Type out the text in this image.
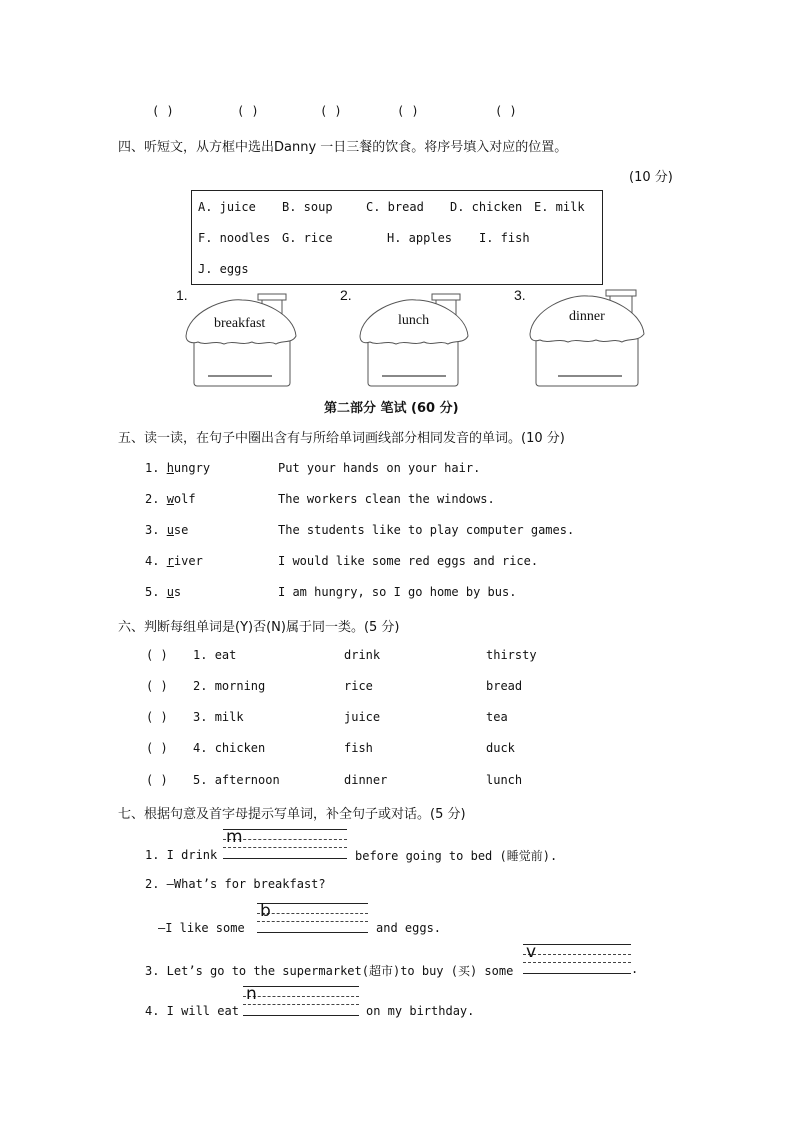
( )	( )	( )	( )	( )
四、听短文，从方框中选出Danny 一日三餐的饮食。将序号填入对应的位置。
(10 分)
A. juice B. soup	C. bread D. chicken E. milk
F. noodles G. rice	H. apples I. fish
J. eggs
1.
breakfast
2.
lunch
3.
dinner
第二部分 笔试 (60 分)
五、读一读，在句子中圈出含有与所给单词画线部分相同发音的单词。(10 分)
1. hungry	Put your hands on your hair.
2. wolf	The workers clean the windows.
3. use	The students like to play computer games.
4. river	I would like some red eggs and rice.
5. us	I am hungry, so I go home by bus.
六、判断每组单词是(Y)否(N)属于同一类。(5 分)
( ) 1. eat	drink	thirsty
( ) 2. morning	rice	bread
( ) 3. milk	juice	tea
( ) 4. chicken	fish	duck
( ) 5. afternoon	dinner	lunch
七、根据句意及首字母提示写单词，补全句子或对话。(5 分)
1. I drink
m
before going to bed (睡觉前).
2. —What’s for breakfast?
—I like some
b
and eggs.
3. Let’s go to the supermarket(超市)to buy (买) some
v
.
4. I will eat
n
on my birthday.
